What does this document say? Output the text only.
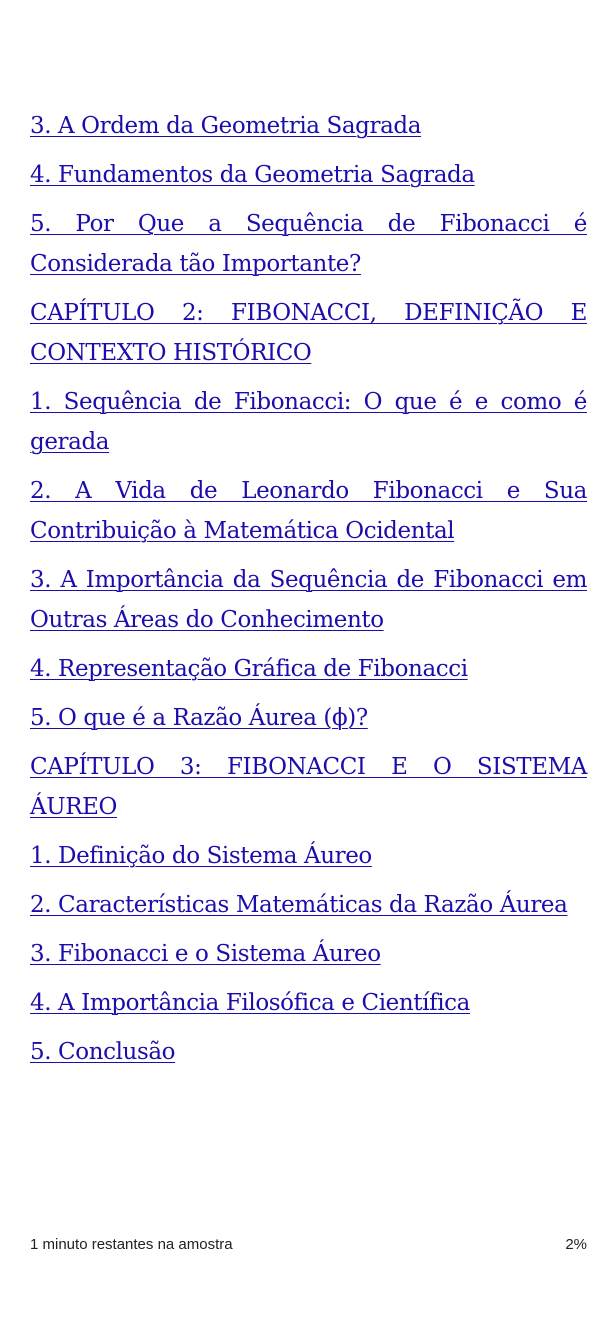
3. A Ordem da Geometria Sagrada
4. Fundamentos da Geometria Sagrada
5. Por Que a Sequência de Fibonacci é Considerada tão Importante?
CAPÍTULO 2: FIBONACCI, DEFINIÇÃO E CONTEXTO HISTÓRICO
1. Sequência de Fibonacci: O que é e como é gerada
2. A Vida de Leonardo Fibonacci e Sua Contribuição à Matemática Ocidental
3. A Importância da Sequência de Fibonacci em Outras Áreas do Conhecimento
4. Representação Gráfica de Fibonacci
5. O que é a Razão Áurea (ϕ)?
CAPÍTULO 3: FIBONACCI E O SISTEMA ÁUREO
1. Definição do Sistema Áureo
2. Características Matemáticas da Razão Áurea
3. Fibonacci e o Sistema Áureo
4. A Importância Filosófica e Científica
5. Conclusão
1 minuto restantes na amostra	2%
